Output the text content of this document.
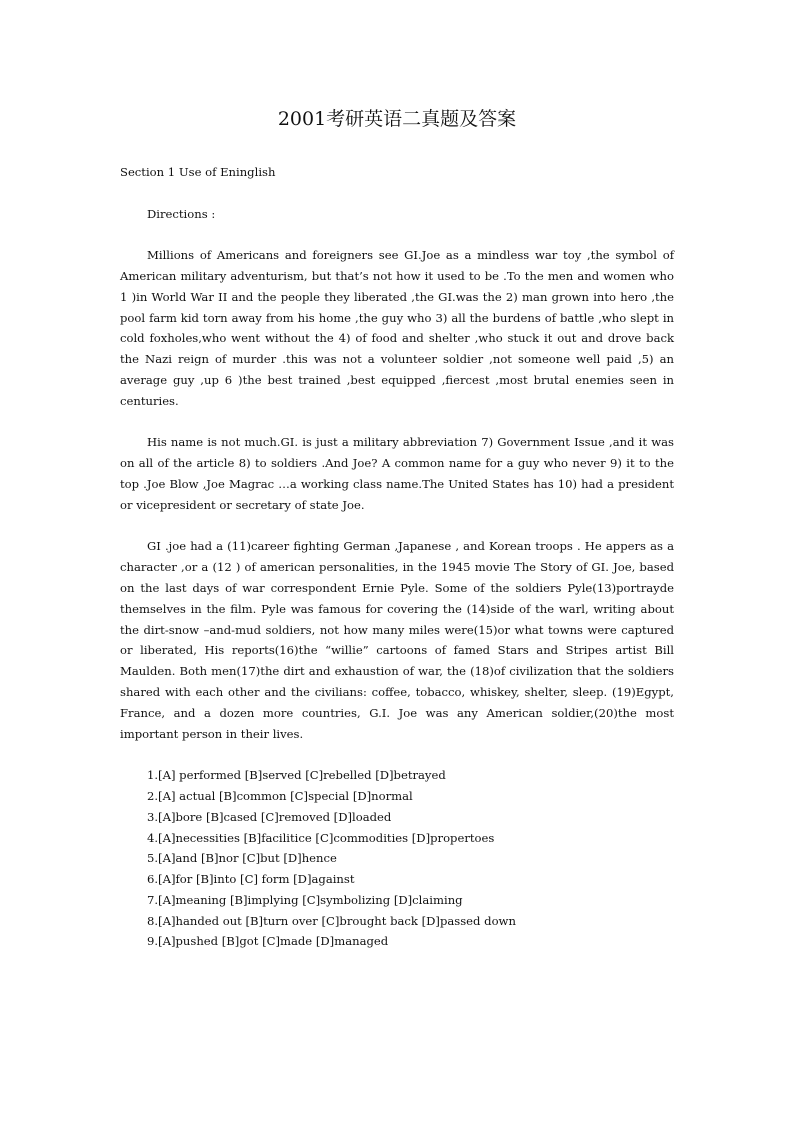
2001考研英语二真题及答案

Section 1 Use of Eninglish

Directions :

Millions of Americans and foreigners see GI.Joe as a mindless war toy ,the symbol of American military adventurism, but that’s not how it used to be .To the men and women who 1 )in World War II and the people they liberated ,the GI.was the 2) man grown into hero ,the pool farm kid torn away from his home ,the guy who 3) all the burdens of battle ,who slept in cold foxholes,who went without the 4) of food and shelter ,who stuck it out and drove back the Nazi reign of murder .this was not a volunteer soldier ,not someone well paid ,5) an average guy ,up 6 )the best trained ,best equipped ,fiercest ,most brutal enemies seen in centuries.

His name is not much.GI. is just a military abbreviation 7) Government Issue ,and it was on all of the article 8) to soldiers .And Joe? A common name for a guy who never 9) it to the top .Joe Blow ,Joe Magrac …a working class name.The United States has 10) had a president or vicepresident or secretary of state Joe.

GI .joe had a (11)career fighting German ,Japanese , and Korean troops . He appers as a character ,or a (12 ) of american personalities, in the 1945 movie The Story of GI. Joe, based on the last days of war correspondent Ernie Pyle. Some of the soldiers Pyle(13)portrayde themselves in the film. Pyle was famous for covering the (14)side of the warl, writing about the dirt-snow –and-mud soldiers, not how many miles were(15)or what towns were captured or liberated, His reports(16)the “willie” cartoons of famed Stars and Stripes artist Bill Maulden. Both men(17)the dirt and exhaustion of war, the (18)of civilization that the soldiers shared with each other and the civilians: coffee, tobacco, whiskey, shelter, sleep. (19)Egypt, France, and a dozen more countries, G.I. Joe was any American soldier,(20)the most important person in their lives.

1.[A] performed [B]served [C]rebelled [D]betrayed
2.[A] actual [B]common [C]special [D]normal
3.[A]bore [B]cased [C]removed [D]loaded
4.[A]necessities [B]facilitice [C]commodities [D]propertoes
5.[A]and [B]nor [C]but [D]hence
6.[A]for [B]into [C] form [D]against
7.[A]meaning [B]implying [C]symbolizing [D]claiming
8.[A]handed out [B]turn over [C]brought back [D]passed down
9.[A]pushed [B]got [C]made [D]managed
